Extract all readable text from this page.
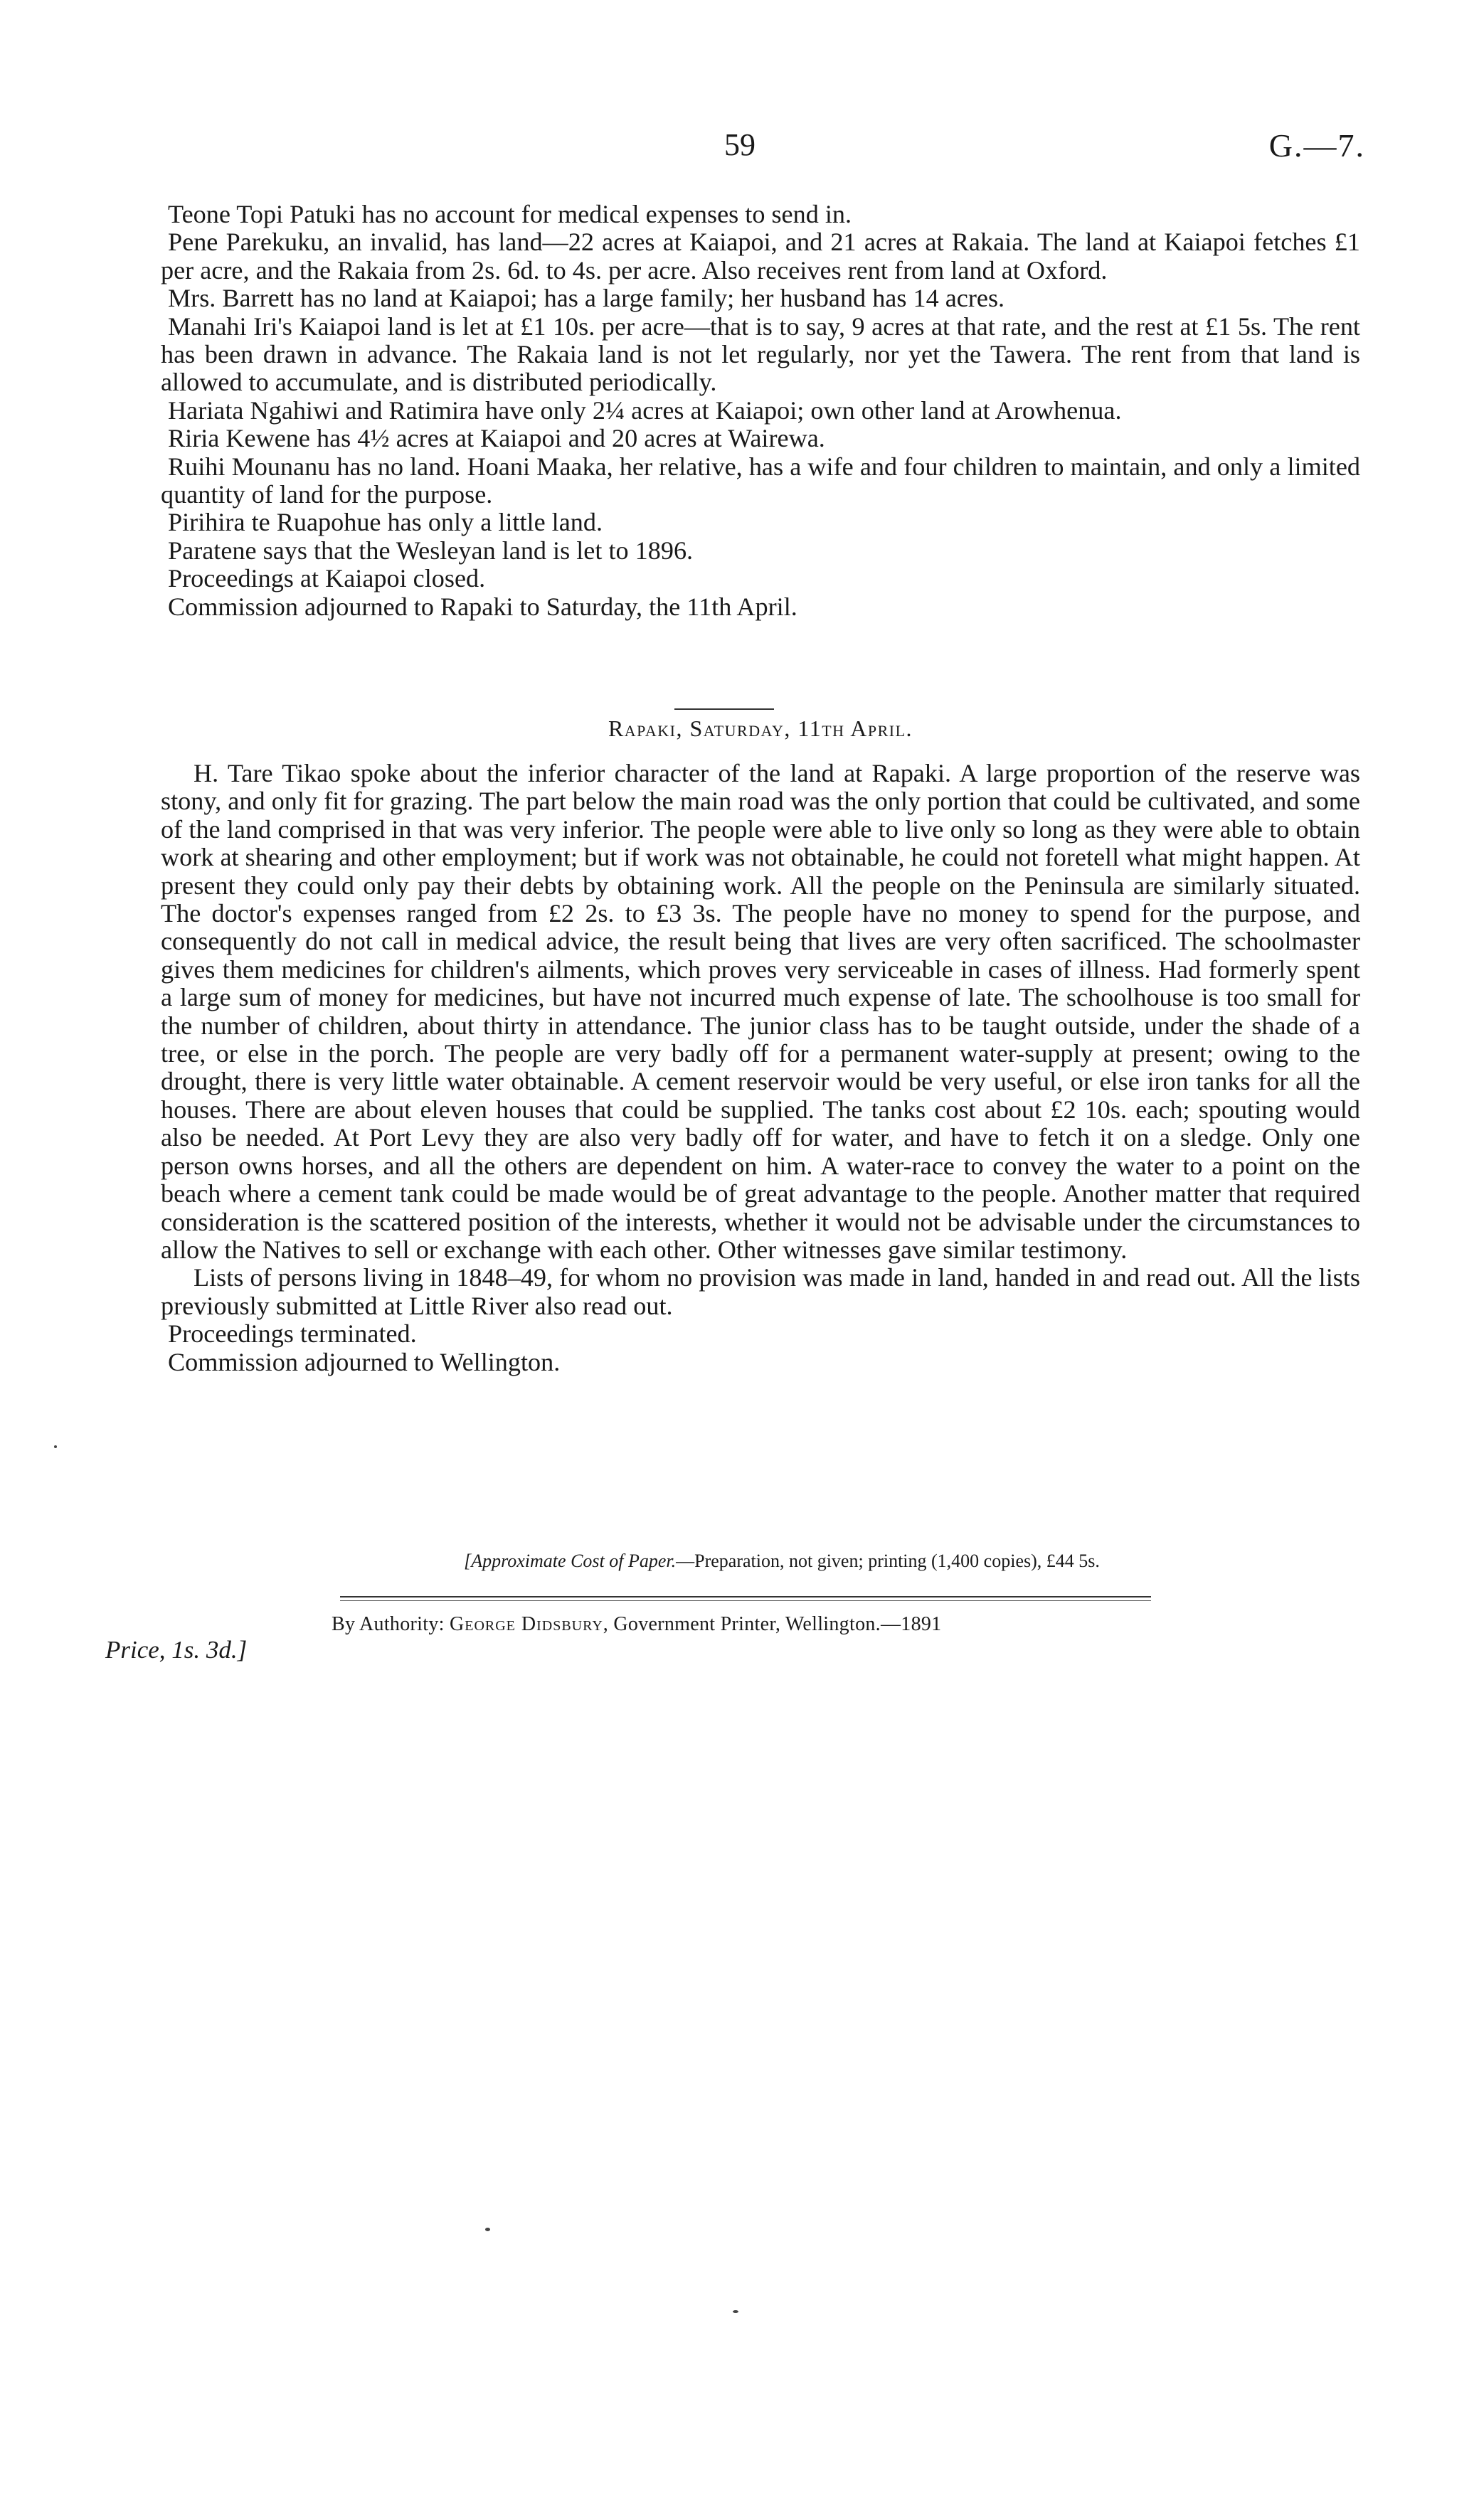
59	G.—7.

Teone Topi Patuki has no account for medical expenses to send in.

Pene Parekuku, an invalid, has land—22 acres at Kaiapoi, and 21 acres at Rakaia. The land at Kaiapoi fetches £1 per acre, and the Rakaia from 2s. 6d. to 4s. per acre. Also receives rent from land at Oxford.

Mrs. Barrett has no land at Kaiapoi; has a large family; her husband has 14 acres.

Manahi Iri's Kaiapoi land is let at £1 10s. per acre—that is to say, 9 acres at that rate, and the rest at £1 5s. The rent has been drawn in advance. The Rakaia land is not let regularly, nor yet the Tawera. The rent from that land is allowed to accumulate, and is distributed periodically.

Hariata Ngahiwi and Ratimira have only 2¼ acres at Kaiapoi; own other land at Arowhenua.

Riria Kewene has 4½ acres at Kaiapoi and 20 acres at Wairewa.

Ruihi Mounanu has no land. Hoani Maaka, her relative, has a wife and four children to maintain, and only a limited quantity of land for the purpose.

Pirihira te Ruapohue has only a little land.

Paratene says that the Wesleyan land is let to 1896.

Proceedings at Kaiapoi closed.

Commission adjourned to Rapaki to Saturday, the 11th April.

Rapaki, Saturday, 11th April.

H. Tare Tikao spoke about the inferior character of the land at Rapaki. A large proportion of the reserve was stony, and only fit for grazing. The part below the main road was the only portion that could be cultivated, and some of the land comprised in that was very inferior. The people were able to live only so long as they were able to obtain work at shearing and other employment; but if work was not obtainable, he could not foretell what might happen. At present they could only pay their debts by obtaining work. All the people on the Peninsula are similarly situated. The doctor's expenses ranged from £2 2s. to £3 3s. The people have no money to spend for the purpose, and consequently do not call in medical advice, the result being that lives are very often sacrificed. The schoolmaster gives them medicines for children's ailments, which proves very serviceable in cases of illness. Had formerly spent a large sum of money for medicines, but have not incurred much expense of late. The schoolhouse is too small for the number of children, about thirty in attendance. The junior class has to be taught outside, under the shade of a tree, or else in the porch. The people are very badly off for a permanent water-supply at present; owing to the drought, there is very little water obtainable. A cement reservoir would be very useful, or else iron tanks for all the houses. There are about eleven houses that could be supplied. The tanks cost about £2 10s. each; spouting would also be needed. At Port Levy they are also very badly off for water, and have to fetch it on a sledge. Only one person owns horses, and all the others are dependent on him. A water-race to convey the water to a point on the beach where a cement tank could be made would be of great advantage to the people. Another matter that required consideration is the scattered position of the interests, whether it would not be advisable under the circumstances to allow the Natives to sell or exchange with each other. Other witnesses gave similar testimony.

Lists of persons living in 1848–49, for whom no provision was made in land, handed in and read out. All the lists previously submitted at Little River also read out.

Proceedings terminated.

Commission adjourned to Wellington.

[Approximate Cost of Paper.—Preparation, not given; printing (1,400 copies), £44 5s.
By Authority: George Didsbury, Government Printer, Wellington.—1891
Price, 1s. 3d.]
